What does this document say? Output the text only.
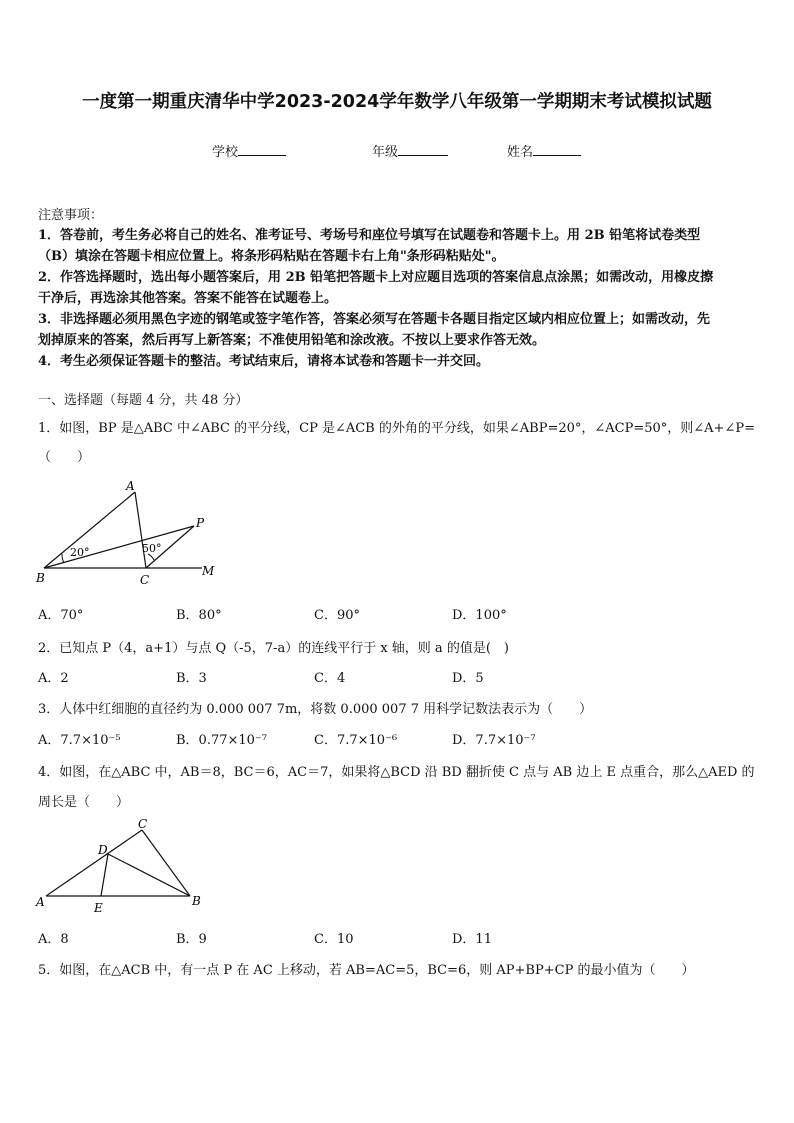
一度第一期重庆清华中学2023-2024学年数学八年级第一学期期末考试模拟试题
学校	年级	姓名
注意事项：
1．答卷前，考生务必将自己的姓名、准考证号、考场号和座位号填写在试题卷和答题卡上。用 2B 铅笔将试卷类型
（B）填涂在答题卡相应位置上。将条形码粘贴在答题卡右上角"条形码粘贴处"。
2．作答选择题时，选出每小题答案后，用 2B 铅笔把答题卡上对应题目选项的答案信息点涂黑；如需改动，用橡皮擦
干净后，再选涂其他答案。答案不能答在试题卷上。
3．非选择题必须用黑色字迹的钢笔或签字笔作答，答案必须写在答题卡各题目指定区域内相应位置上；如需改动，先
划掉原来的答案，然后再写上新答案；不准使用铅笔和涂改液。不按以上要求作答无效。
4．考生必须保证答题卡的整洁。考试结束后，请将本试卷和答题卡一并交回。
一、选择题（每题 4 分，共 48 分）
1．如图，BP 是△ABC 中∠ABC 的平分线，CP 是∠ACB 的外角的平分线，如果∠ABP=20°，∠ACP=50°，则∠A+∠P=
（　　）
A
B	C
P
M
20°	50°
A．70°	B．80°	C．90°	D．100°
2．已知点 P（4，a+1）与点 Q（-5，7-a）的连线平行于 x 轴，则 a 的值是(　)
A．2	B．3	C．4	D．5
3．人体中红细胞的直径约为 0.000 007 7m，将数 0.000 007 7 用科学记数法表示为（　　）
A．7.7×10⁻⁵	B．0.77×10⁻⁷	C．7.7×10⁻⁶	D．7.7×10⁻⁷
4．如图，在△ABC 中，AB＝8，BC＝6，AC＝7，如果将△BCD 沿 BD 翻折使 C 点与 AB 边上 E 点重合，那么△AED 的
周长是（　　）
C
D
A	E	B
A．8	B．9	C．10	D．11
5．如图，在△ACB 中，有一点 P 在 AC 上移动，若 AB=AC=5，BC=6，则 AP+BP+CP 的最小值为（　　）
